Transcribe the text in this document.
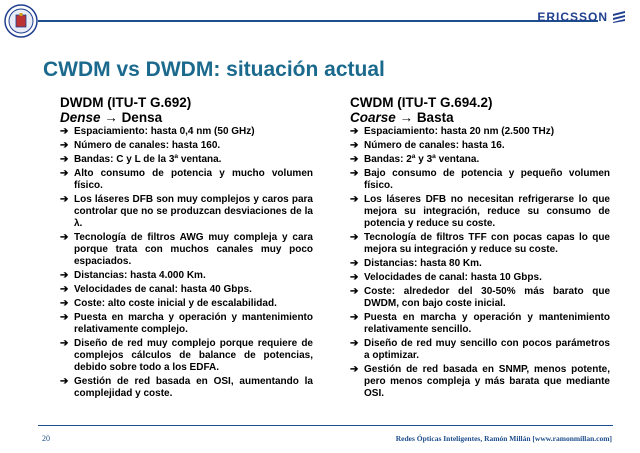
ERICSSON
CWDM vs DWDM: situación actual
DWDM (ITU-T G.692)
Dense → Densa
➔ Espaciamiento: hasta 0,4 nm (50 GHz)
➔ Número de canales: hasta 160.
➔ Bandas: C y L de la 3ª ventana.
➔ Alto consumo de potencia y mucho volumen físico.
➔ Los láseres DFB son muy complejos y caros para controlar que no se produzcan desviaciones de la λ.
➔ Tecnología de filtros AWG muy compleja y cara porque trata con muchos canales muy poco espaciados.
➔ Distancias: hasta 4.000 Km.
➔ Velocidades de canal: hasta 40 Gbps.
➔ Coste: alto coste inicial y de escalabilidad.
➔ Puesta en marcha y operación y mantenimiento relativamente complejo.
➔ Diseño de red muy complejo porque requiere de complejos cálculos de balance de potencias, debido sobre todo a los EDFA.
➔ Gestión de red basada en OSI, aumentando la complejidad y coste.
CWDM (ITU-T G.694.2)
Coarse → Basta
➔ Espaciamiento: hasta 20 nm (2.500 THz)
➔ Número de canales: hasta 16.
➔ Bandas: 2ª y 3ª ventana.
➔ Bajo consumo de potencia y pequeño volumen físico.
➔ Los láseres DFB no necesitan refrigerarse lo que mejora su integración, reduce su consumo de potencia y reduce su coste.
➔ Tecnología de filtros TFF con pocas capas lo que mejora su integración y reduce su coste.
➔ Distancias: hasta 80 Km.
➔ Velocidades de canal: hasta 10 Gbps.
➔ Coste: alrededor del 30-50% más barato que DWDM, con bajo coste inicial.
➔ Puesta en marcha y operación y mantenimiento relativamente sencillo.
➔ Diseño de red muy sencillo con pocos parámetros a optimizar.
➔ Gestión de red basada en SNMP, menos potente, pero menos compleja y más barata que mediante OSI.
20	Redes Ópticas Inteligentes, Ramón Millán [www.ramonmillan.com]
